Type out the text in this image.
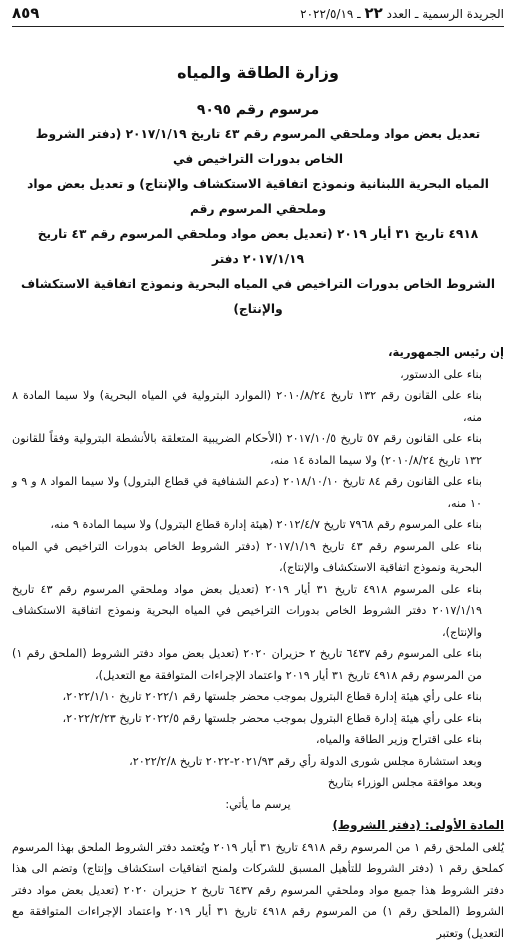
الجريدة الرسمية ـ العدد ٢٢ ـ ٢٠٢٢/٥/١٩
٨٥٩
وزارة الطاقة والمياه
مرسوم رقم ٩٠٩٥
تعديل بعض مواد وملحقي المرسوم رقم ٤٣ تاريخ ٢٠١٧/١/١٩ (دفتر الشروط الخاص بدورات التراخيص في
المياه البحرية اللبنانية ونموذج اتفاقية الاستكشاف والإنتاج) و تعديل بعض مواد وملحقي المرسوم رقم
٤٩١٨ تاريخ ٣١ أيار ٢٠١٩ (تعديل بعض مواد وملحقي المرسوم رقم ٤٣ تاريخ ٢٠١٧/١/١٩ دفتر
الشروط الخاص بدورات التراخيص في المياه البحرية ونموذج اتفاقية الاستكشاف والإنتاج)

إن رئيس الجمهورية،

بناء على الدستور،

بناء على القانون رقم ١٣٢ تاريخ ٢٠١٠/٨/٢٤ (الموارد البترولية في المياه البحرية) ولا سيما المادة ٨ منه،

بناء على القانون رقم ٥٧ تاريخ ٢٠١٧/١٠/٥ (الأحكام الضريبية المتعلقة بالأنشطة البترولية وفقاً للقانون ١٣٢ تاريخ ٢٠١٠/٨/٢٤) ولا سيما المادة ١٤ منه،

بناء على القانون رقم ٨٤ تاريخ ٢٠١٨/١٠/١٠ (دعم الشفافية في قطاع البترول) ولا سيما المواد ٨ و ٩ و ١٠ منه،

بناء على المرسوم رقم ٧٩٦٨ تاريخ ٢٠١٢/٤/٧ (هيئة إدارة قطاع البترول) ولا سيما المادة ٩ منه،

بناء على المرسوم رقم ٤٣ تاريخ ٢٠١٧/١/١٩ (دفتر الشروط الخاص بدورات التراخيص في المياه البحرية ونموذج اتفاقية الاستكشاف والإنتاج)،

بناء على المرسوم ٤٩١٨ تاريخ ٣١ أيار ٢٠١٩ (تعديل بعض مواد وملحقي المرسوم رقم ٤٣ تاريخ ٢٠١٧/١/١٩ دفتر الشروط الخاص بدورات التراخيص في المياه البحرية ونموذج اتفاقية الاستكشاف والإنتاج)،

بناء على المرسوم رقم ٦٤٣٧ تاريخ ٢ حزيران ٢٠٢٠ (تعديل بعض مواد دفتر الشروط (الملحق رقم ١) من المرسوم رقم ٤٩١٨ تاريخ ٣١ أيار ٢٠١٩ واعتماد الإجراءات المتوافقة مع التعديل)،

بناء على رأي هيئة إدارة قطاع البترول بموجب محضر جلستها رقم ٢٠٢٢/١ تاريخ ٢٠٢٢/١/١٠،

بناء على رأي هيئة إدارة قطاع البترول بموجب محضر جلستها رقم ٢٠٢٢/٥ تاريخ ٢٠٢٢/٢/٢٣،

بناء على اقتراح وزير الطاقة والمياه،

وبعد استشارة مجلس شورى الدولة رأي رقم ٢٠٢١/٩٣-٢٠٢٢ تاريخ ٢٠٢٢/٢/٨،

وبعد موافقة مجلس الوزراء بتاريخ

يرسم ما يأتي:

المادة الأولى: (دفتر الشروط)

يُلغى الملحق رقم ١ من المرسوم رقم ٤٩١٨ تاريخ ٣١ أيار ٢٠١٩ ويُعتمد دفتر الشروط الملحق بهذا المرسوم كملحق رقم ١ (دفتر الشروط للتأهيل المسبق للشركات ولمنح اتفاقيات استكشاف وإنتاج) وتضم الى هذا دفتر الشروط هذا جميع مواد وملحقي المرسوم رقم ٦٤٣٧ تاريخ ٢ حزيران ٢٠٢٠ (تعديل بعض مواد دفتر الشروط (الملحق رقم ١) من المرسوم رقم ٤٩١٨ تاريخ ٣١ أيار ٢٠١٩ واعتماد الإجراءات المتوافقة مع التعديل) وتعتبر
